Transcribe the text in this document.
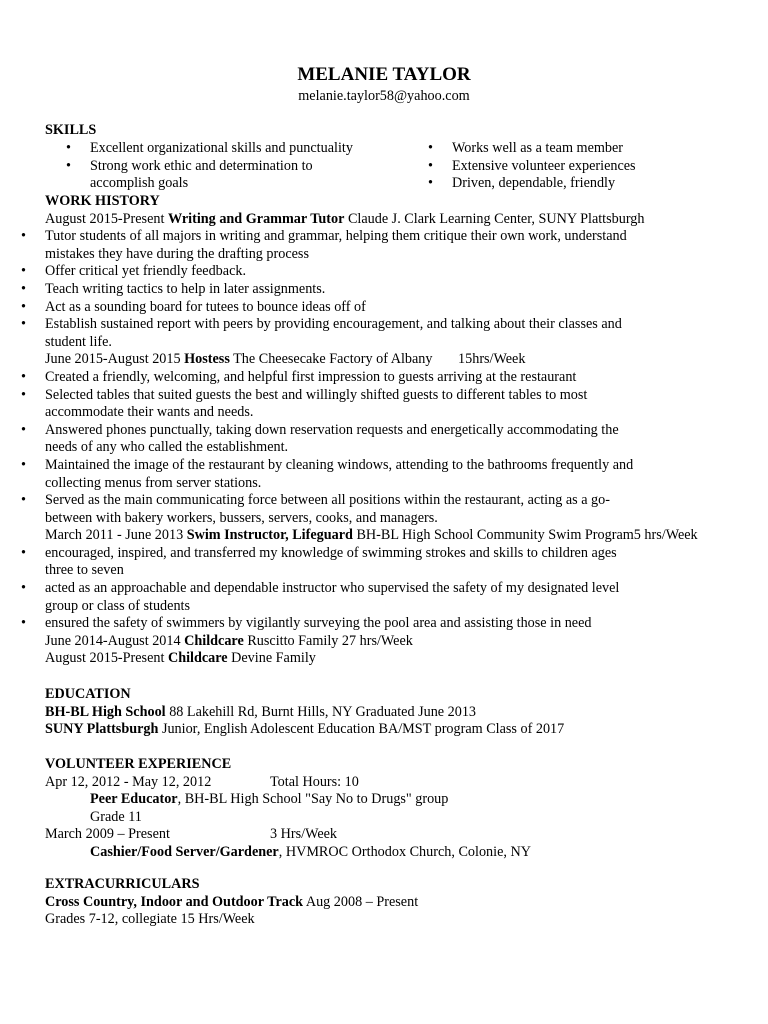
MELANIE TAYLOR
melanie.taylor58@yahoo.com
SKILLS
• Excellent organizational skills and punctuality
• Strong work ethic and determination to accomplish goals
• Works well as a team member
• Extensive volunteer experiences
• Driven, dependable, friendly
WORK HISTORY
August 2015-Present Writing and Grammar Tutor Claude J. Clark Learning Center, SUNY Plattsburgh
• Tutor students of all majors in writing and grammar, helping them critique their own work, understand mistakes they have during the drafting process
• Offer critical yet friendly feedback.
• Teach writing tactics to help in later assignments.
• Act as a sounding board for tutees to bounce ideas off of
• Establish sustained report with peers by providing encouragement, and talking about their classes and student life.
June 2015-August 2015 Hostess The Cheesecake Factory of Albany 15hrs/Week
• Created a friendly, welcoming, and helpful first impression to guests arriving at the restaurant
• Selected tables that suited guests the best and willingly shifted guests to different tables to most accommodate their wants and needs.
• Answered phones punctually, taking down reservation requests and energetically accommodating the needs of any who called the establishment.
• Maintained the image of the restaurant by cleaning windows, attending to the bathrooms frequently and collecting menus from server stations.
• Served as the main communicating force between all positions within the restaurant, acting as a go-between with bakery workers, bussers, servers, cooks, and managers.
March 2011 - June 2013 Swim Instructor, Lifeguard BH-BL High School Community Swim Program5 hrs/Week
• encouraged, inspired, and transferred my knowledge of swimming strokes and skills to children ages three to seven
• acted as an approachable and dependable instructor who supervised the safety of my designated level group or class of students
• ensured the safety of swimmers by vigilantly surveying the pool area and assisting those in need
June 2014-August 2014 Childcare Ruscitto Family 27 hrs/Week
August 2015-Present Childcare Devine Family
EDUCATION
BH-BL High School 88 Lakehill Rd, Burnt Hills, NY Graduated June 2013
SUNY Plattsburgh Junior, English Adolescent Education BA/MST program Class of 2017
VOLUNTEER EXPERIENCE
Apr 12, 2012 - May 12, 2012	Total Hours: 10
Peer Educator, BH-BL High School "Say No to Drugs" group
Grade 11
March 2009 – Present	3 Hrs/Week
Cashier/Food Server/Gardener, HVMROC Orthodox Church, Colonie, NY
EXTRACURRICULARS
Cross Country, Indoor and Outdoor Track Aug 2008 – Present
Grades 7-12, collegiate 15 Hrs/Week
